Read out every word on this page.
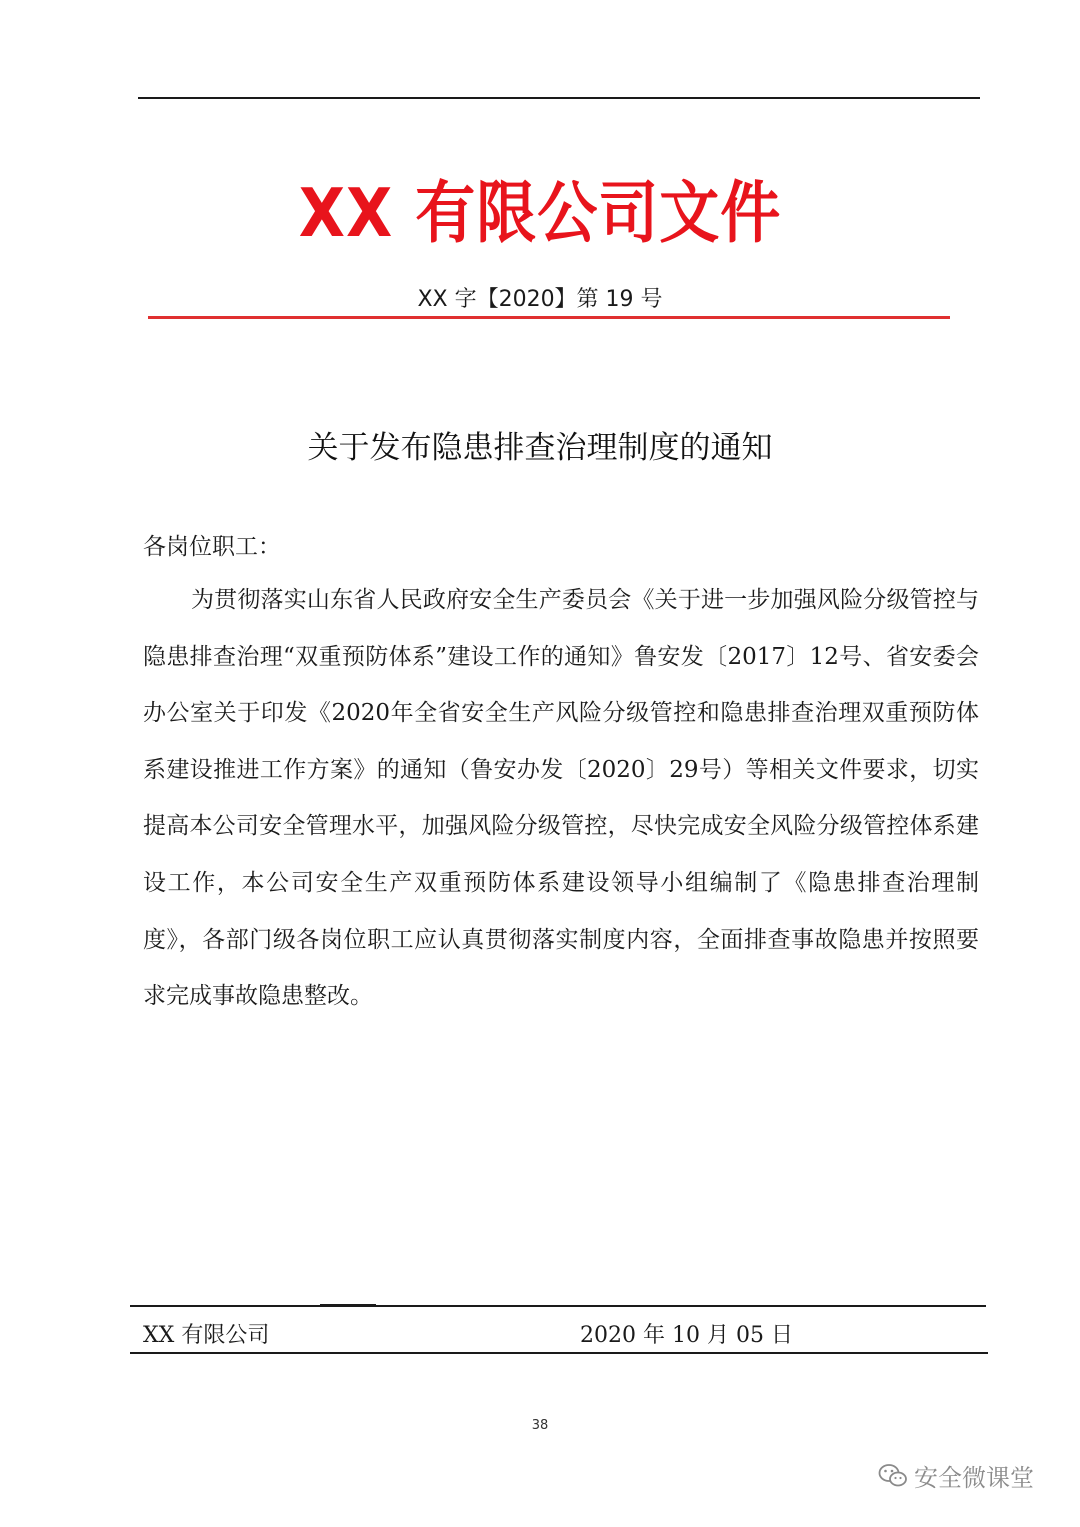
XX 有限公司文件
XX 字【2020】第 19 号
关于发布隐患排查治理制度的通知
各岗位职工：

为贯彻落实山东省人民政府安全生产委员会《关于进一步加强风险分级管控与隐患排查治理“双重预防体系”建设工作的通知》鲁安发〔2017〕12号、省安委会办公室关于印发《2020年全省安全生产风险分级管控和隐患排查治理双重预防体系建设推进工作方案》的通知（鲁安办发〔2020〕29号）等相关文件要求，切实提高本公司安全管理水平，加强风险分级管控，尽快完成安全风险分级管控体系建设工作，本公司安全生产双重预防体系建设领导小组编制了《隐患排查治理制度》，各部门级各岗位职工应认真贯彻落实制度内容，全面排查事故隐患并按照要求完成事故隐患整改。

XX 有限公司	2020 年 10 月 05 日
38
安全微课堂
